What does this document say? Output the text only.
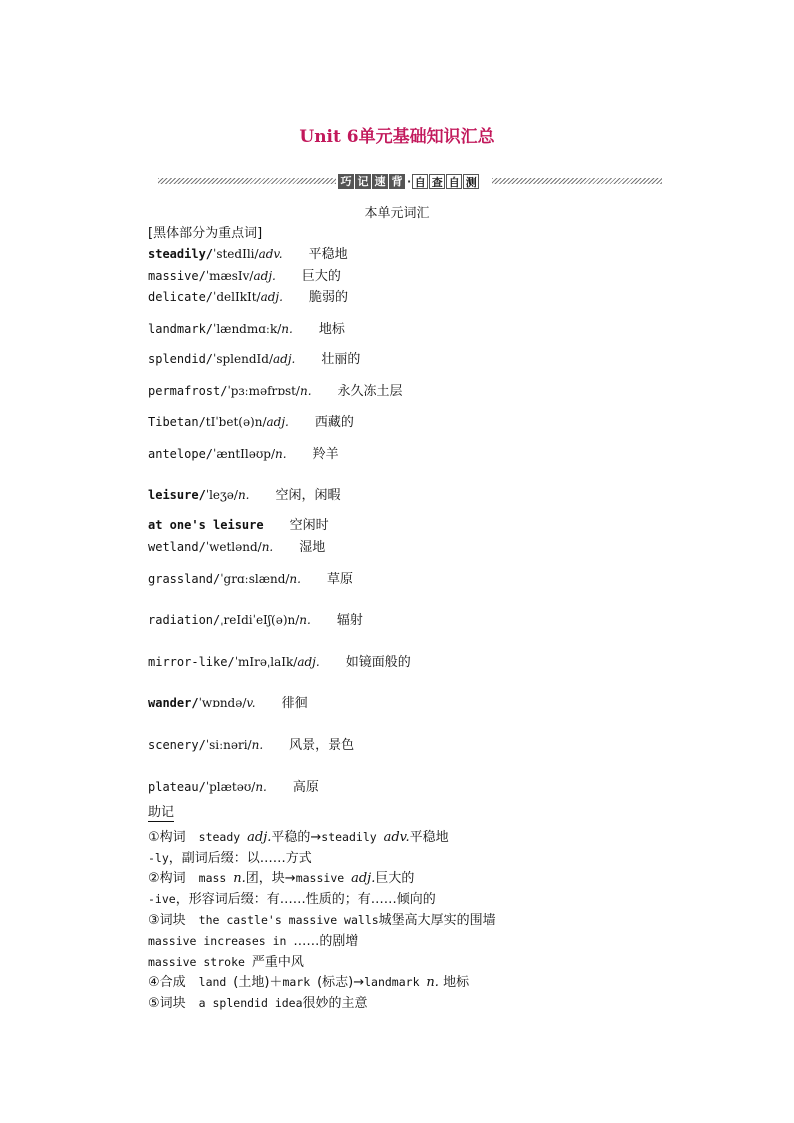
Unit 6单元基础知识汇总
巧 记 速 背 · 自 查 自 测
本单元词汇
[黑体部分为重点词]
steadily/ˈstedIli/adv. 平稳地
massive/ˈmæsIv/adj. 巨大的
delicate/ˈdelIkIt/adj. 脆弱的
landmark/ˈlændmɑːk/n. 地标
splendid/ˈsplendId/adj. 壮丽的
permafrost/ˈpɜːməfrɒst/n. 永久冻土层
Tibetan/tIˈbet(ə)n/adj. 西藏的
antelope/ˈæntIləʊp/n. 羚羊
leisure/ˈleʒə/n. 空闲，闲暇
at one's leisure 空闲时
wetland/ˈwetlənd/n. 湿地
grassland/ˈgrɑːslænd/n. 草原
radiation/ˌreIdiˈeIʃ(ə)n/n. 辐射
mirror-like/ˈmIrəˌlaIk/adj. 如镜面般的
wander/ˈwɒndə/v. 徘徊
scenery/ˈsiːnəri/n. 风景，景色
plateau/ˈplætəʊ/n. 高原
助记
①构词　steady adj.平稳的→steadily adv.平稳地
-ly，副词后缀：以……方式
②构词　mass n.团，块→massive adj.巨大的
-ive，形容词后缀：有……性质的；有……倾向的
③词块　the castle's massive walls城堡高大厚实的围墙
massive increases in ……的剧增
massive stroke 严重中风
④合成　land (土地)＋mark (标志)→landmark n. 地标
⑤词块　a splendid idea很妙的主意
